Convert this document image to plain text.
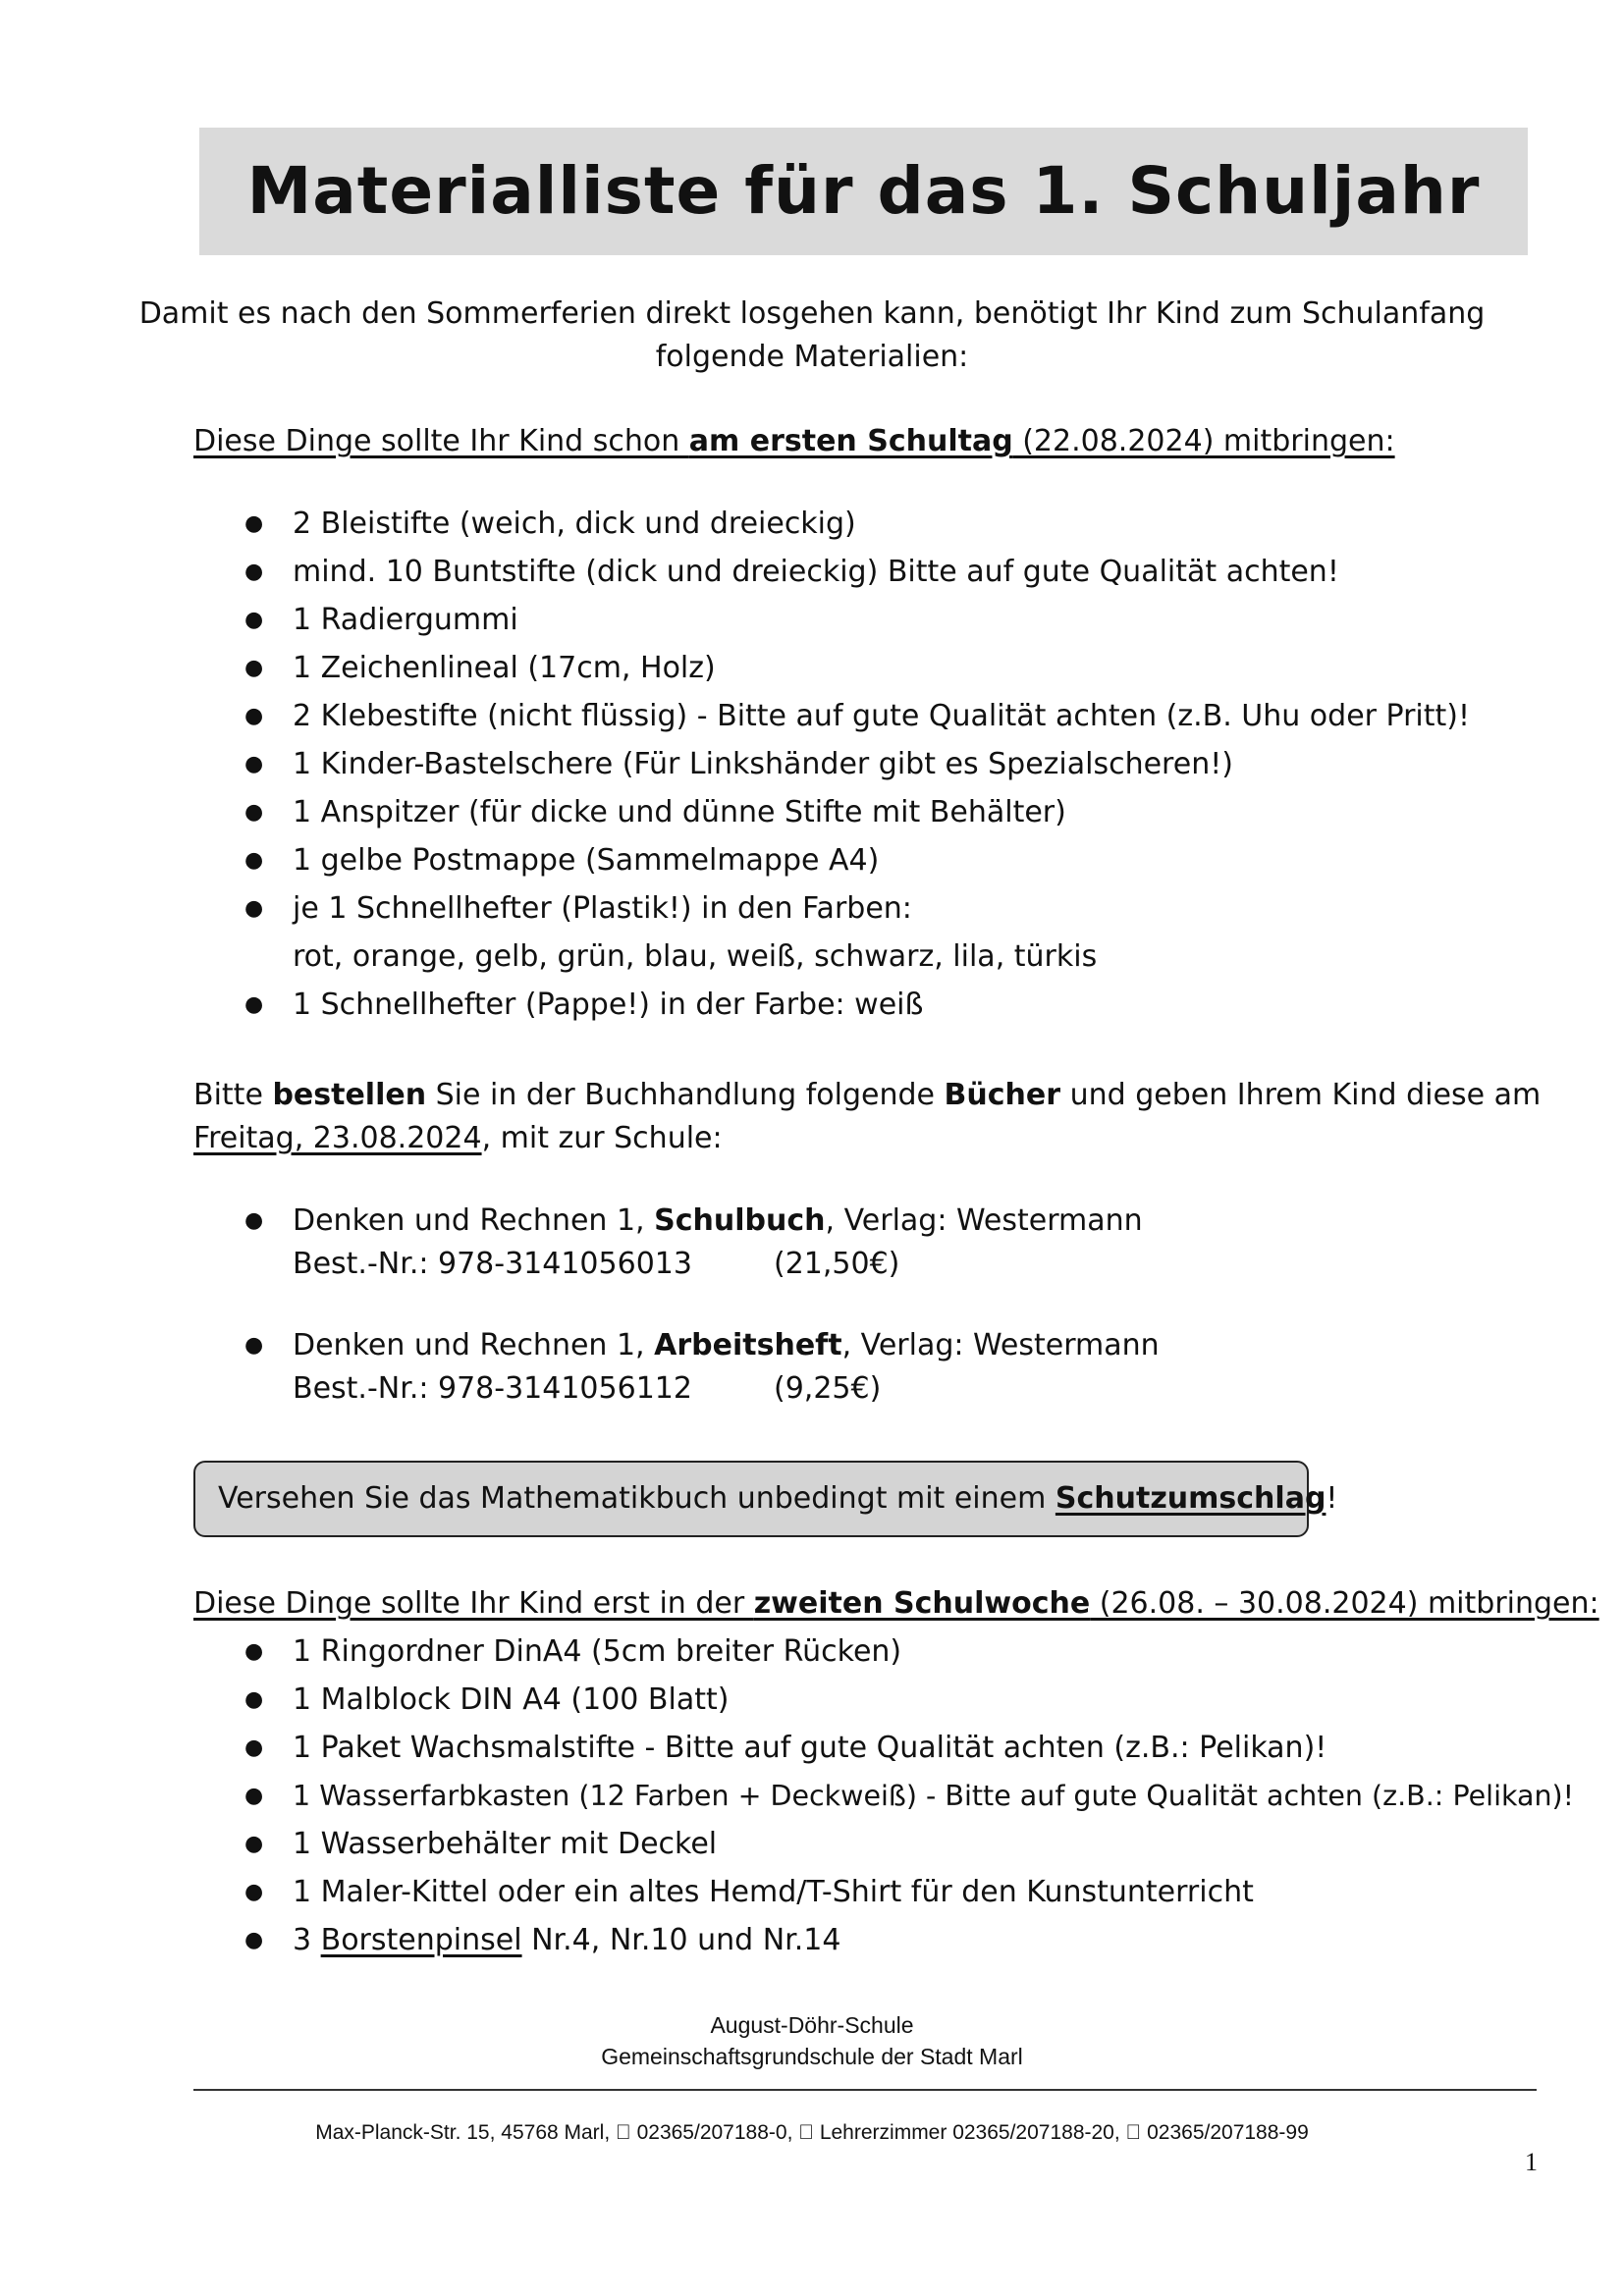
Materialliste für das 1. Schuljahr
Damit es nach den Sommerferien direkt losgehen kann, benötigt Ihr Kind zum Schulanfang
folgende Materialien:
Diese Dinge sollte Ihr Kind schon am ersten Schultag (22.08.2024) mitbringen:
● 2 Bleistifte (weich, dick und dreieckig)
● mind. 10 Buntstifte (dick und dreieckig) Bitte auf gute Qualität achten!
● 1 Radiergummi
● 1 Zeichenlineal (17cm, Holz)
● 2 Klebestifte (nicht flüssig) - Bitte auf gute Qualität achten (z.B. Uhu oder Pritt)!
● 1 Kinder-Bastelschere (Für Linkshänder gibt es Spezialscheren!)
● 1 Anspitzer (für dicke und dünne Stifte mit Behälter)
● 1 gelbe Postmappe (Sammelmappe A4)
● je 1 Schnellhefter (Plastik!) in den Farben:
rot, orange, gelb, grün, blau, weiß, schwarz, lila, türkis
● 1 Schnellhefter (Pappe!) in der Farbe: weiß
Bitte bestellen Sie in der Buchhandlung folgende Bücher und geben Ihrem Kind diese am
Freitag, 23.08.2024, mit zur Schule:
● Denken und Rechnen 1, Schulbuch, Verlag: Westermann
Best.-Nr.: 978-3141056013	(21,50€)
● Denken und Rechnen 1, Arbeitsheft, Verlag: Westermann
Best.-Nr.: 978-3141056112	(9,25€)
Versehen Sie das Mathematikbuch unbedingt mit einem Schutzumschlag!
Diese Dinge sollte Ihr Kind erst in der zweiten Schulwoche (26.08. – 30.08.2024) mitbringen:
● 1 Ringordner DinA4 (5cm breiter Rücken)
● 1 Malblock DIN A4 (100 Blatt)
● 1 Paket Wachsmalstifte - Bitte auf gute Qualität achten (z.B.: Pelikan)!
● 1 Wasserfarbkasten (12 Farben + Deckweiß) - Bitte auf gute Qualität achten (z.B.: Pelikan)!
● 1 Wasserbehälter mit Deckel
● 1 Maler-Kittel oder ein altes Hemd/T-Shirt für den Kunstunterricht
● 3 Borstenpinsel Nr.4, Nr.10 und Nr.14
August-Döhr-Schule
Gemeinschaftsgrundschule der Stadt Marl
Max-Planck-Str. 15, 45768 Marl,   02365/207188-0,   Lehrerzimmer 02365/207188-20,   02365/207188-99
1
